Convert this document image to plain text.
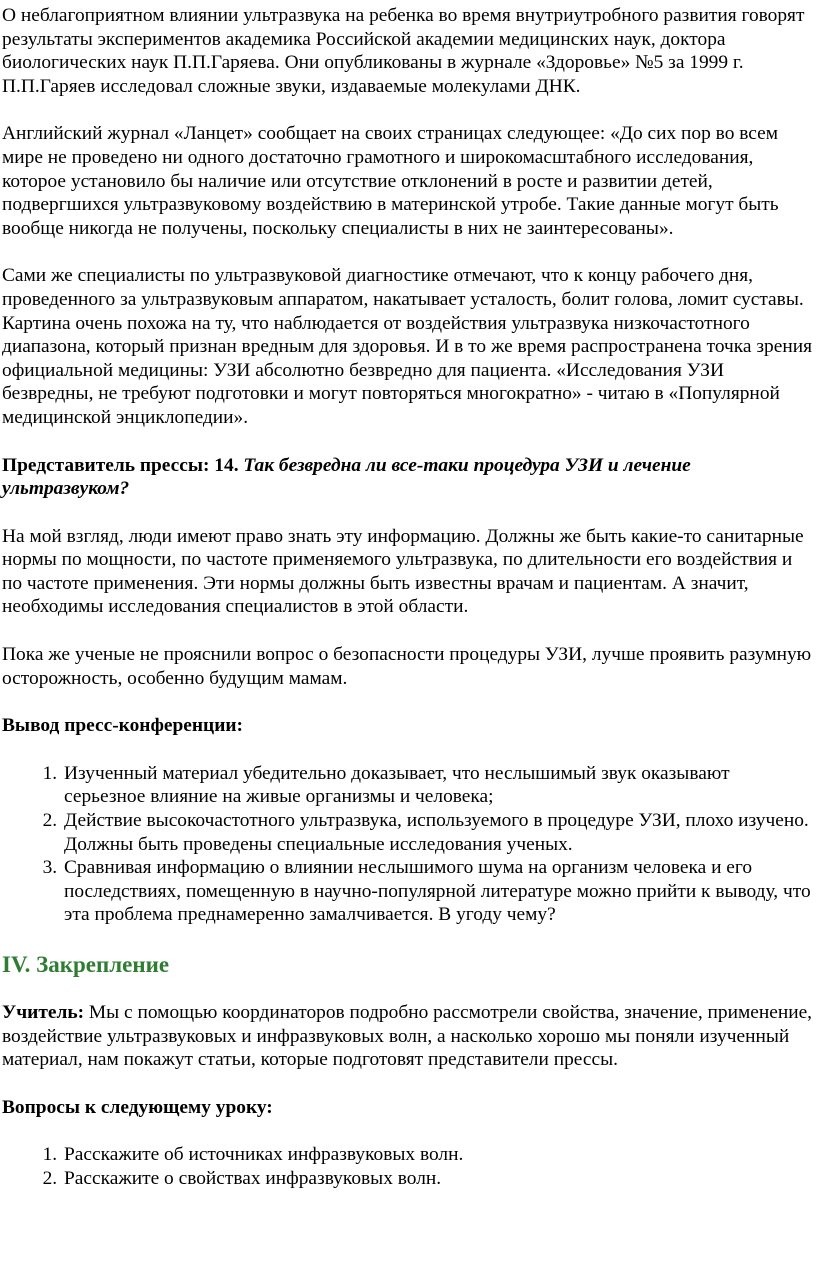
О неблагоприятном влиянии ультразвука на ребенка во время внутриутробного развития говорят результаты экспериментов академика Российской академии медицинских наук, доктора биологических наук П.П.Гаряева. Они опубликованы в журнале «Здоровье» №5 за 1999 г. П.П.Гаряев исследовал сложные звуки, издаваемые молекулами ДНК.

Английский журнал «Ланцет» сообщает на своих страницах следующее: «До сих пор во всем мире не проведено ни одного достаточно грамотного и широкомасштабного исследования, которое установило бы наличие или отсутствие отклонений в росте и развитии детей, подвергшихся ультразвуковому воздействию в материнской утробе. Такие данные могут быть вообще никогда не получены, поскольку специалисты в них не заинтересованы».

Сами же специалисты по ультразвуковой диагностике отмечают, что к концу рабочего дня, проведенного за ультразвуковым аппаратом, накатывает усталость, болит голова, ломит суставы. Картина очень похожа на ту, что наблюдается от воздействия ультразвука низкочастотного диапазона, который признан вредным для здоровья. И в то же время распространена точка зрения официальной медицины: УЗИ абсолютно безвредно для пациента. «Исследования УЗИ безвредны, не требуют подготовки и могут повторяться многократно» - читаю в «Популярной медицинской энциклопедии».

Представитель прессы: 14. Так безвредна ли все-таки процедура УЗИ и лечение ультразвуком?

На мой взгляд, люди имеют право знать эту информацию. Должны же быть какие-то санитарные нормы по мощности, по частоте применяемого ультразвука, по длительности его воздействия и по частоте применения. Эти нормы должны быть известны врачам и пациентам. А значит, необходимы исследования специалистов в этой области.

Пока же ученые не прояснили вопрос о безопасности процедуры УЗИ, лучше проявить разумную осторожность, особенно будущим мамам.

Вывод пресс-конференции:

1. Изученный материал убедительно доказывает, что неслышимый звук оказывают серьезное влияние на живые организмы и человека;
2. Действие высокочастотного ультразвука, используемого в процедуре УЗИ, плохо изучено. Должны быть проведены специальные исследования ученых.
3. Сравнивая информацию о влиянии неслышимого шума на организм человека и его последствиях, помещенную в научно-популярной литературе можно прийти к выводу, что эта проблема преднамеренно замалчивается. В угоду чему?
IV. Закрепление

Учитель: Мы с помощью координаторов подробно рассмотрели свойства, значение, применение, воздействие ультразвуковых и инфразвуковых волн, а насколько хорошо мы поняли изученный материал, нам покажут статьи, которые подготовят представители прессы.

Вопросы к следующему уроку:

1. Расскажите об источниках инфразвуковых волн.
2. Расскажите о свойствах инфразвуковых волн.
